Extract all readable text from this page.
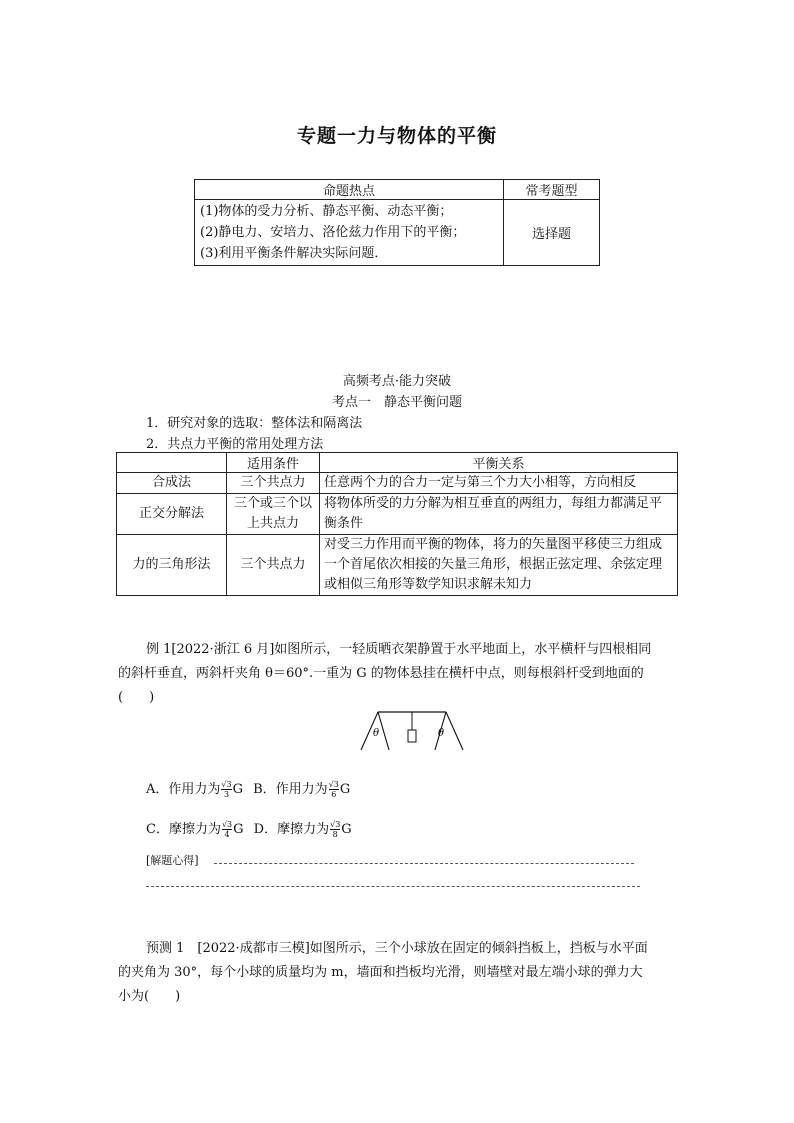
专题一力与物体的平衡
命题热点	常考题型

(1)物体的受力分析、静态平衡、动态平衡；
(2)静电力、安培力、洛伦兹力作用下的平衡；
(3)利用平衡条件解决实际问题．	选择题
高频考点·能力突破
考点一　静态平衡问题
1．研究对象的选取：整体法和隔离法
2．共点力平衡的常用处理方法
	适用条件	平衡关系
合成法	三个共点力	任意两个力的合力一定与第三个力大小相等，方向相反
正交分解法	三个或三个以上共点力	将物体所受的力分解为相互垂直的两组力，每组力都满足平衡条件
力的三角形法	三个共点力	对受三力作用而平衡的物体，将力的矢量图平移使三力组成一个首尾依次相接的矢量三角形，根据正弦定理、余弦定理或相似三角形等数学知识求解未知力
例 1[2022·浙江 6 月]如图所示，一轻质晒衣架静置于水平地面上，水平横杆与四根相同
的斜杆垂直，两斜杆夹角 θ＝60°.一重为 G 的物体悬挂在横杆中点，则每根斜杆受到地面的
(　　)
θ	θ
A．作用力为 $\frac{√3}{3}$ G B．作用力为 $\frac{√3}{6}$ G
C．摩擦力为 $\frac{√3}{4}$ G D．摩擦力为 $\frac{√3}{8}$ G
[解题心得]
预测 1　[2022·成都市三模]如图所示，三个小球放在固定的倾斜挡板上，挡板与水平面
的夹角为 30°，每个小球的质量均为 m，墙面和挡板均光滑，则墙壁对最左端小球的弹力大
小为(　　)
